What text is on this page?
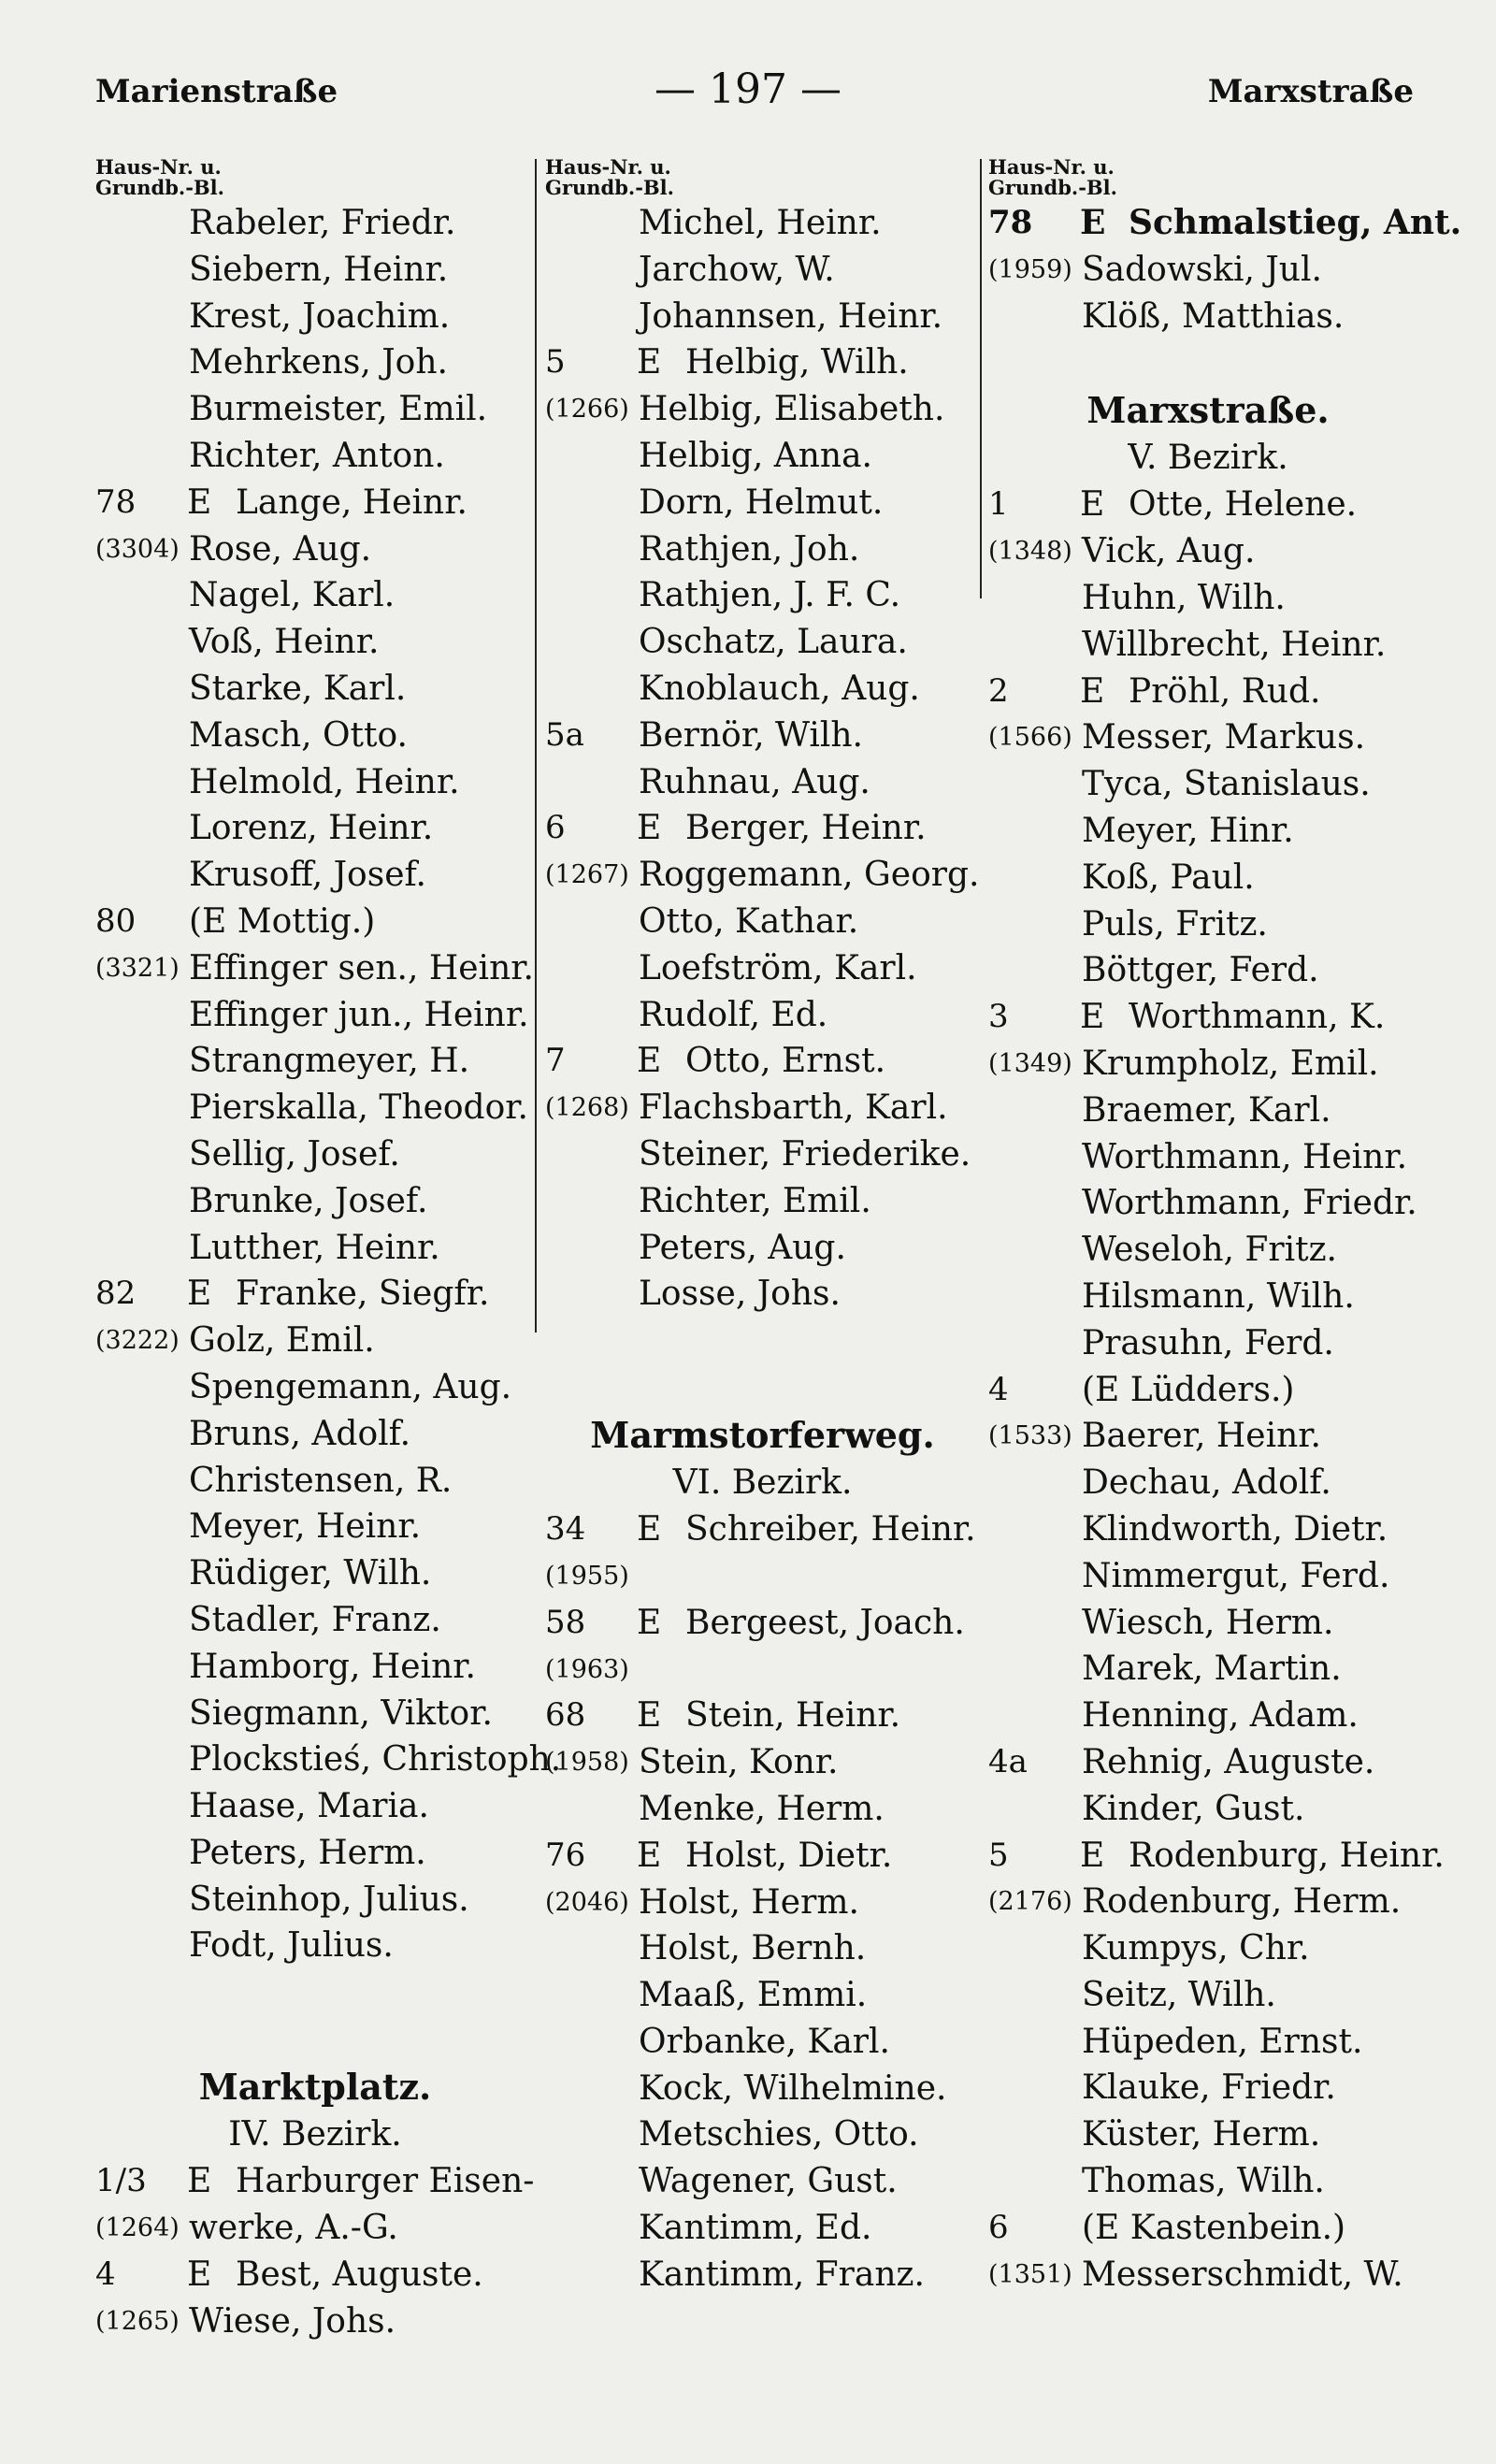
Marienstraße	— 197 —	Marxstraße
Haus-Nr. u.
Grundb.-Bl.
Rabeler, Friedr.
Siebern, Heinr.
Krest, Joachim.
Mehrkens, Joh.
Burmeister, Emil.
Richter, Anton.
78	E Lange, Heinr.
(3304) Rose, Aug.
Nagel, Karl.
Voß, Heinr.
Starke, Karl.
Masch, Otto.
Helmold, Heinr.
Lorenz, Heinr.
Krusoff, Josef.
80	(E Mottig.)
(3321) Effinger sen., Heinr.
Effinger jun., Heinr.
Strangmeyer, H.
Pierskalla, Theodor.
Sellig, Josef.
Brunke, Josef.
Lutther, Heinr.
82	E Franke, Siegfr.
(3222) Golz, Emil.
Spengemann, Aug.
Bruns, Adolf.
Christensen, R.
Meyer, Heinr.
Rüdiger, Wilh.
Stadler, Franz.
Hamborg, Heinr.
Siegmann, Viktor.
Plockstieś, Christoph.
Haase, Maria.
Peters, Herm.
Steinhop, Julius.
Fodt, Julius.
Marktplatz.
IV. Bezirk.
1/3	E Harburger Eisen-
(1264) werke, A.-G.
4	E Best, Auguste.
(1265) Wiese, Johs.
Haus-Nr. u.
Grundb.-Bl.
Michel, Heinr.
Jarchow, W.
Johannsen, Heinr.
5	E Helbig, Wilh.
(1266) Helbig, Elisabeth.
Helbig, Anna.
Dorn, Helmut.
Rathjen, Joh.
Rathjen, J. F. C.
Oschatz, Laura.
Knoblauch, Aug.
5a	Bernör, Wilh.
Ruhnau, Aug.
6	E Berger, Heinr.
(1267) Roggemann, Georg.
Otto, Kathar.
Loefström, Karl.
Rudolf, Ed.
7	E Otto, Ernst.
(1268) Flachsbarth, Karl.
Steiner, Friederike.
Richter, Emil.
Peters, Aug.
Losse, Johs.
Marmstorferweg.
VI. Bezirk.
34	E Schreiber, Heinr.
(1955)
58	E Bergeest, Joach.
(1963)
68	E Stein, Heinr.
(1958) Stein, Konr.
Menke, Herm.
76	E Holst, Dietr.
(2046) Holst, Herm.
Holst, Bernh.
Maaß, Emmi.
Orbanke, Karl.
Kock, Wilhelmine.
Metschies, Otto.
Wagener, Gust.
Kantimm, Ed.
Kantimm, Franz.
Haus-Nr. u.
Grundb.-Bl.
78	E Schmalstieg, Ant.
(1959) Sadowski, Jul.
Klöß, Matthias.
Marxstraße.
V. Bezirk.
1	E Otte, Helene.
(1348) Vick, Aug.
Huhn, Wilh.
Willbrecht, Heinr.
2	E Pröhl, Rud.
(1566) Messer, Markus.
Tyca, Stanislaus.
Meyer, Hinr.
Koß, Paul.
Puls, Fritz.
Böttger, Ferd.
3	E Worthmann, K.
(1349) Krumpholz, Emil.
Braemer, Karl.
Worthmann, Heinr.
Worthmann, Friedr.
Weseloh, Fritz.
Hilsmann, Wilh.
Prasuhn, Ferd.
4	(E Lüdders.)
(1533) Baerer, Heinr.
Dechau, Adolf.
Klindworth, Dietr.
Nimmergut, Ferd.
Wiesch, Herm.
Marek, Martin.
Henning, Adam.
4a	Rehnig, Auguste.
Kinder, Gust.
5	E Rodenburg, Heinr.
(2176) Rodenburg, Herm.
Kumpys, Chr.
Seitz, Wilh.
Hüpeden, Ernst.
Klauke, Friedr.
Küster, Herm.
Thomas, Wilh.
6	(E Kastenbein.)
(1351) Messerschmidt, W.
